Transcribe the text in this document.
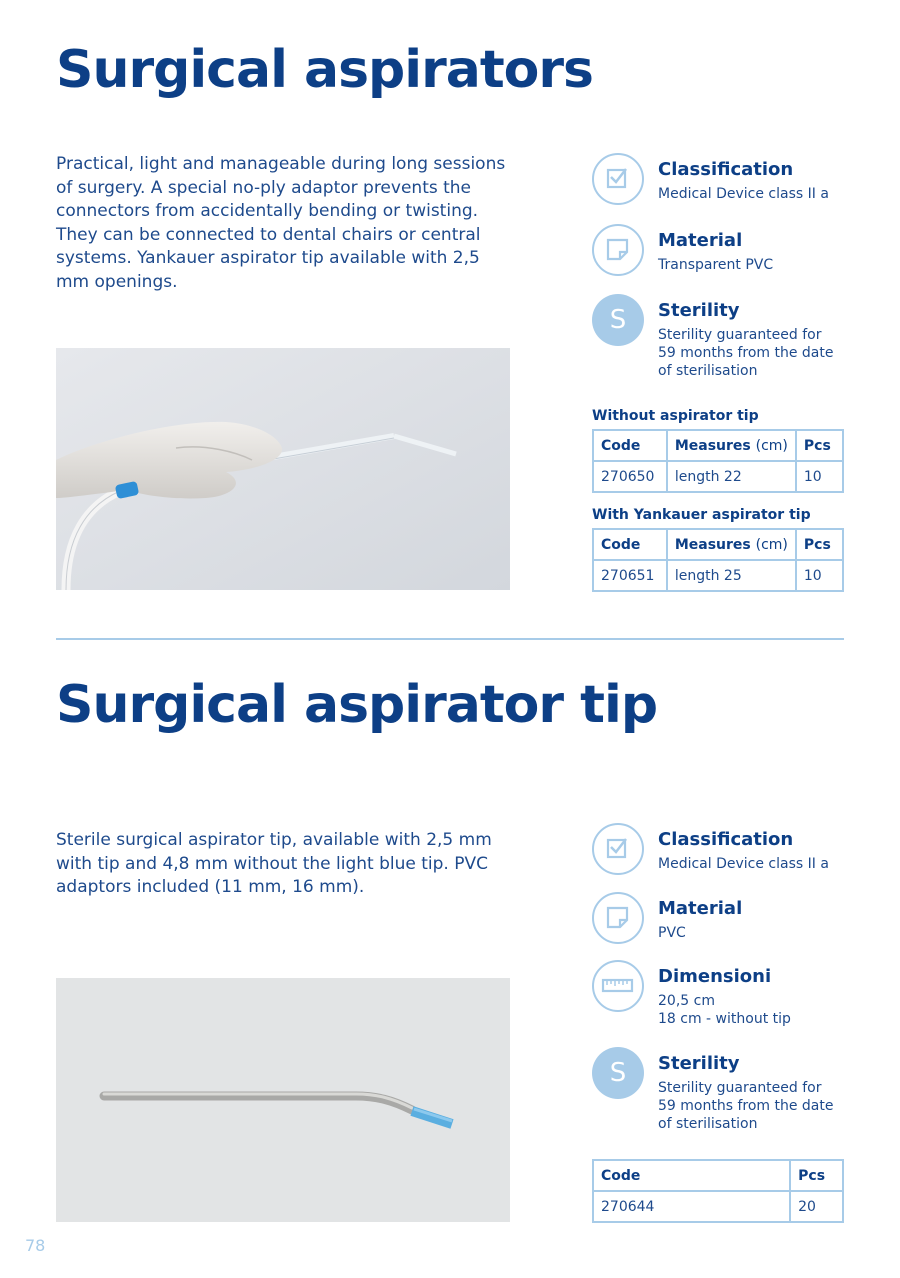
Surgical aspirators

Practical, light and manageable during long sessions of surgery. A special no-ply adaptor prevents the connectors from accidentally bending or twisting. They can be connected to dental chairs or central systems. Yankauer aspirator tip available with 2,5 mm openings.

Classification
Medical Device class II a
Material
Transparent PVC
S	Sterility
Sterility guaranteed for
59 months from the date
of sterilisation
Without aspirator tip
Code	Measures (cm)	Pcs
270650	length 22	10
With Yankauer aspirator tip
Code	Measures (cm)	Pcs
270651	length 25	10
Surgical aspirator tip

Sterile surgical aspirator tip, available with 2,5 mm with tip and 4,8 mm without the light blue tip. PVC adaptors included (11 mm, 16 mm).

Classification
Medical Device class II a
Material
PVC
Dimensioni
20,5 cm
18 cm - without tip
S	Sterility
Sterility guaranteed for
59 months from the date
of sterilisation
Code	Pcs
270644	20
78
